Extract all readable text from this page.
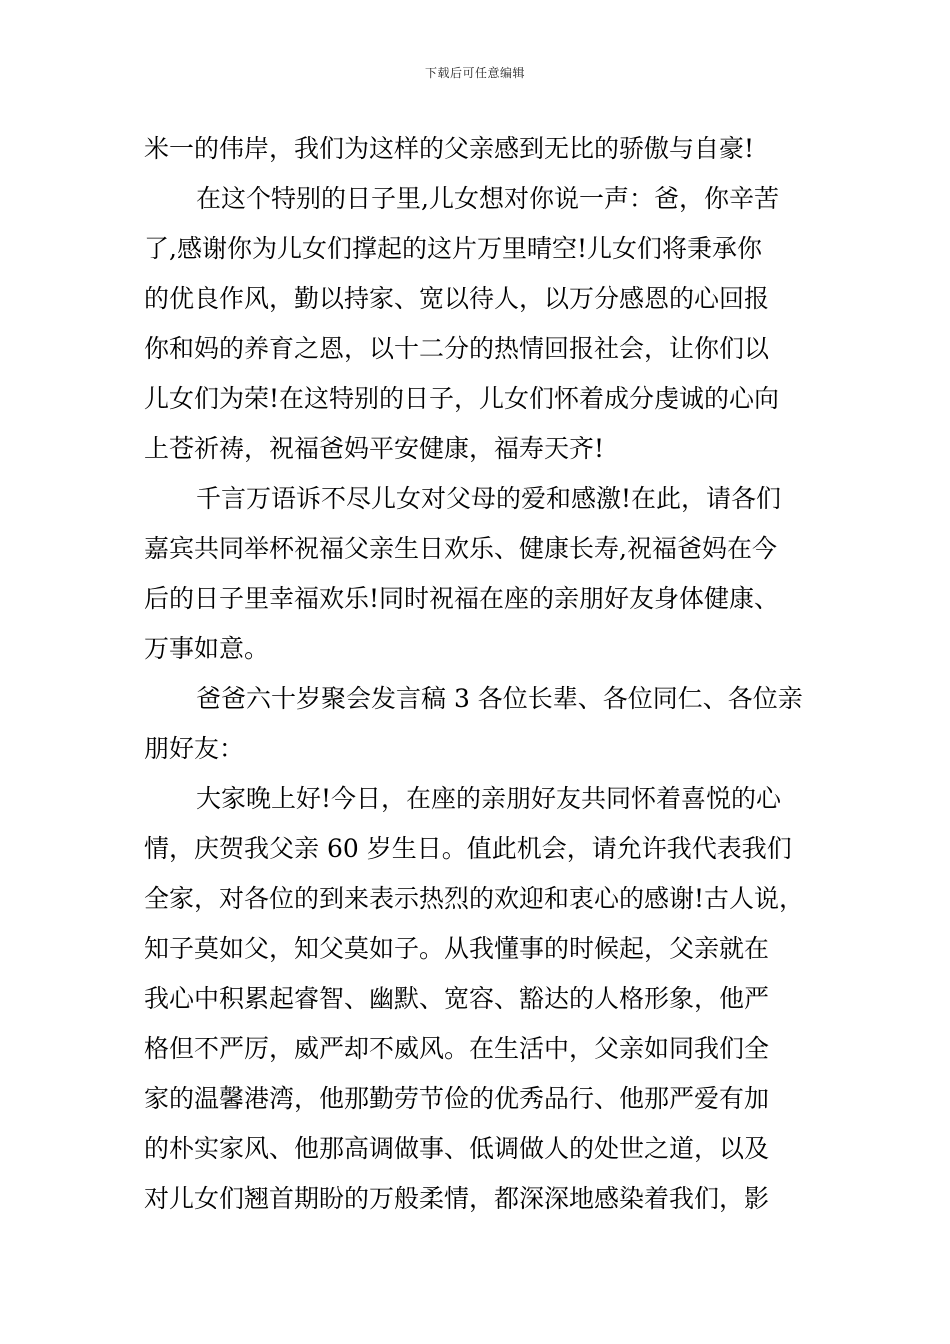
下载后可任意编辑
米一的伟岸，我们为这样的父亲感到无比的骄傲与自豪!
在这个特别的日子里,儿女想对你说一声：爸，你辛苦
了,感谢你为儿女们撑起的这片万里晴空!儿女们将秉承你
的优良作风，勤以持家、宽以待人，以万分感恩的心回报
你和妈的养育之恩，以十二分的热情回报社会，让你们以
儿女们为荣!在这特别的日子，儿女们怀着成分虔诚的心向
上苍祈祷，祝福爸妈平安健康，福寿天齐!
千言万语诉不尽儿女对父母的爱和感激!在此，请各们
嘉宾共同举杯祝福父亲生日欢乐、健康长寿,祝福爸妈在今
后的日子里幸福欢乐!同时祝福在座的亲朋好友身体健康、
万事如意。
爸爸六十岁聚会发言稿 3 各位长辈、各位同仁、各位亲
朋好友：
大家晚上好!今日，在座的亲朋好友共同怀着喜悦的心
情，庆贺我父亲 60 岁生日。值此机会，请允许我代表我们
全家，对各位的到来表示热烈的欢迎和衷心的感谢!古人说，
知子莫如父，知父莫如子。从我懂事的时候起，父亲就在
我心中积累起睿智、幽默、宽容、豁达的人格形象，他严
格但不严厉，威严却不威风。在生活中，父亲如同我们全
家的温馨港湾，他那勤劳节俭的优秀品行、他那严爱有加
的朴实家风、他那高调做事、低调做人的处世之道，以及
对儿女们翘首期盼的万般柔情，都深深地感染着我们，影
